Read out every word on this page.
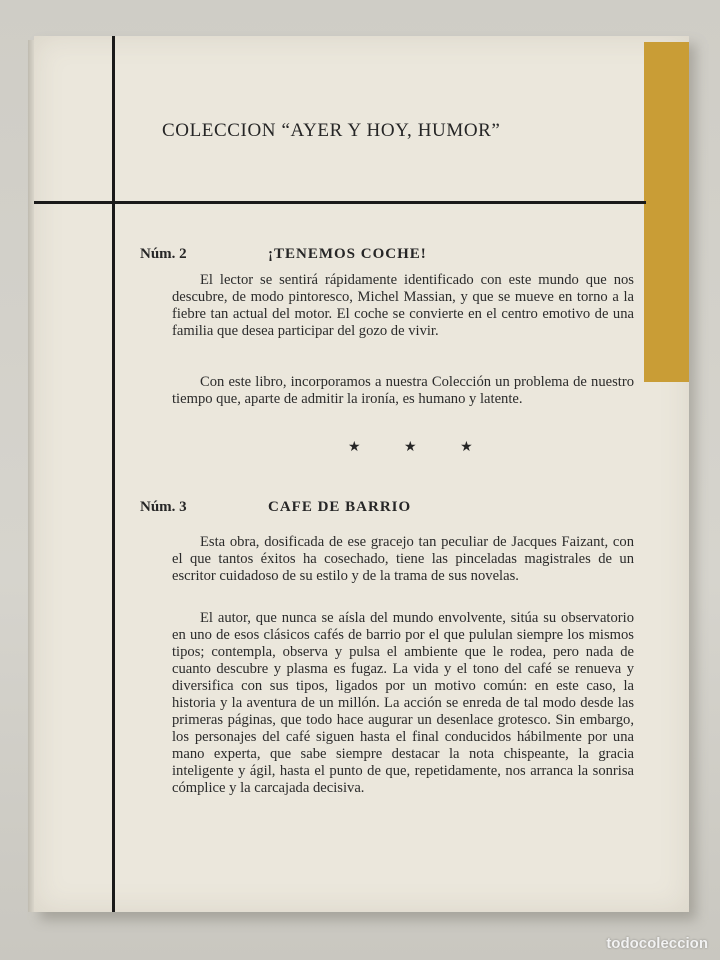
COLECCION “AYER Y HOY, HUMOR”
Núm. 2	¡TENEMOS COCHE!

El lector se sentirá rápidamente identificado con este mundo que nos descubre, de modo pintoresco, Michel Massian, y que se mueve en torno a la fiebre tan actual del motor. El coche se convierte en el centro emotivo de una familia que desea participar del gozo de vivir.

Con este libro, incorporamos a nuestra Colección un problema de nuestro tiempo que, aparte de admitir la ironía, es humano y latente.

★ ★ ★
Núm. 3	CAFE DE BARRIO

Esta obra, dosificada de ese gracejo tan peculiar de Jacques Faizant, con el que tantos éxitos ha cosechado, tiene las pinceladas magistrales de un escritor cuidadoso de su estilo y de la trama de sus novelas.

El autor, que nunca se aísla del mundo envolvente, sitúa su observatorio en uno de esos clásicos cafés de barrio por el que pululan siempre los mismos tipos; contempla, observa y pulsa el ambiente que le rodea, pero nada de cuanto descubre y plasma es fugaz. La vida y el tono del café se renueva y diversifica con sus tipos, ligados por un motivo común: en este caso, la historia y la aventura de un millón. La acción se enreda de tal modo desde las primeras páginas, que todo hace augurar un desenlace grotesco. Sin embargo, los personajes del café siguen hasta el final conducidos hábilmente por una mano experta, que sabe siempre destacar la nota chispeante, la gracia inteligente y ágil, hasta el punto de que, repetidamente, nos arranca la sonrisa cómplice y la carcajada decisiva.

todocoleccion
